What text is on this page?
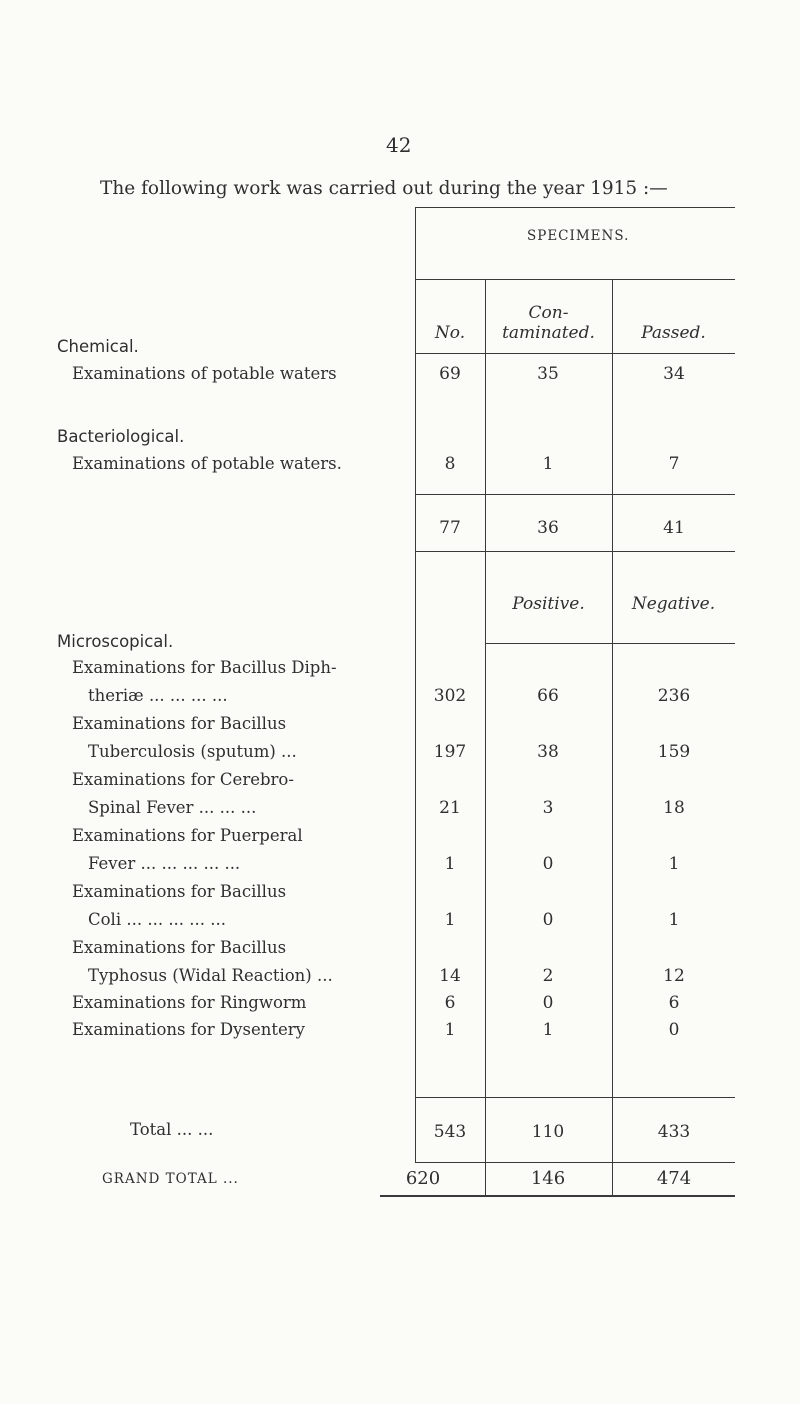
42
The following work was carried out during the year 1915 :—
SPECIMENS.
No.
Con-
taminated.	Passed.
Chemical.
Examinations of potable waters	69	35	34
Bacteriological.
Examinations of potable waters.	8	1	7
77	36	41
Positive.	Negative.
Microscopical.
Examinations for Bacillus Diph-
theriæ ... ... ... ...	302	66	236
Examinations for Bacillus
Tuberculosis (sputum) ...	197	38	159
Examinations for Cerebro-
Spinal Fever ... ... ...	21	3	18
Examinations for Puerperal
Fever ... ... ... ... ...	1	0	1
Examinations for Bacillus
Coli ... ... ... ... ...	1	0	1
Examinations for Bacillus
Typhosus (Widal Reaction) ...	14	2	12
Examinations for Ringworm	6	0	6
Examinations for Dysentery	1	1	0
Total ... ...	543	110	433
GRAND TOTAL ...	620	146	474
